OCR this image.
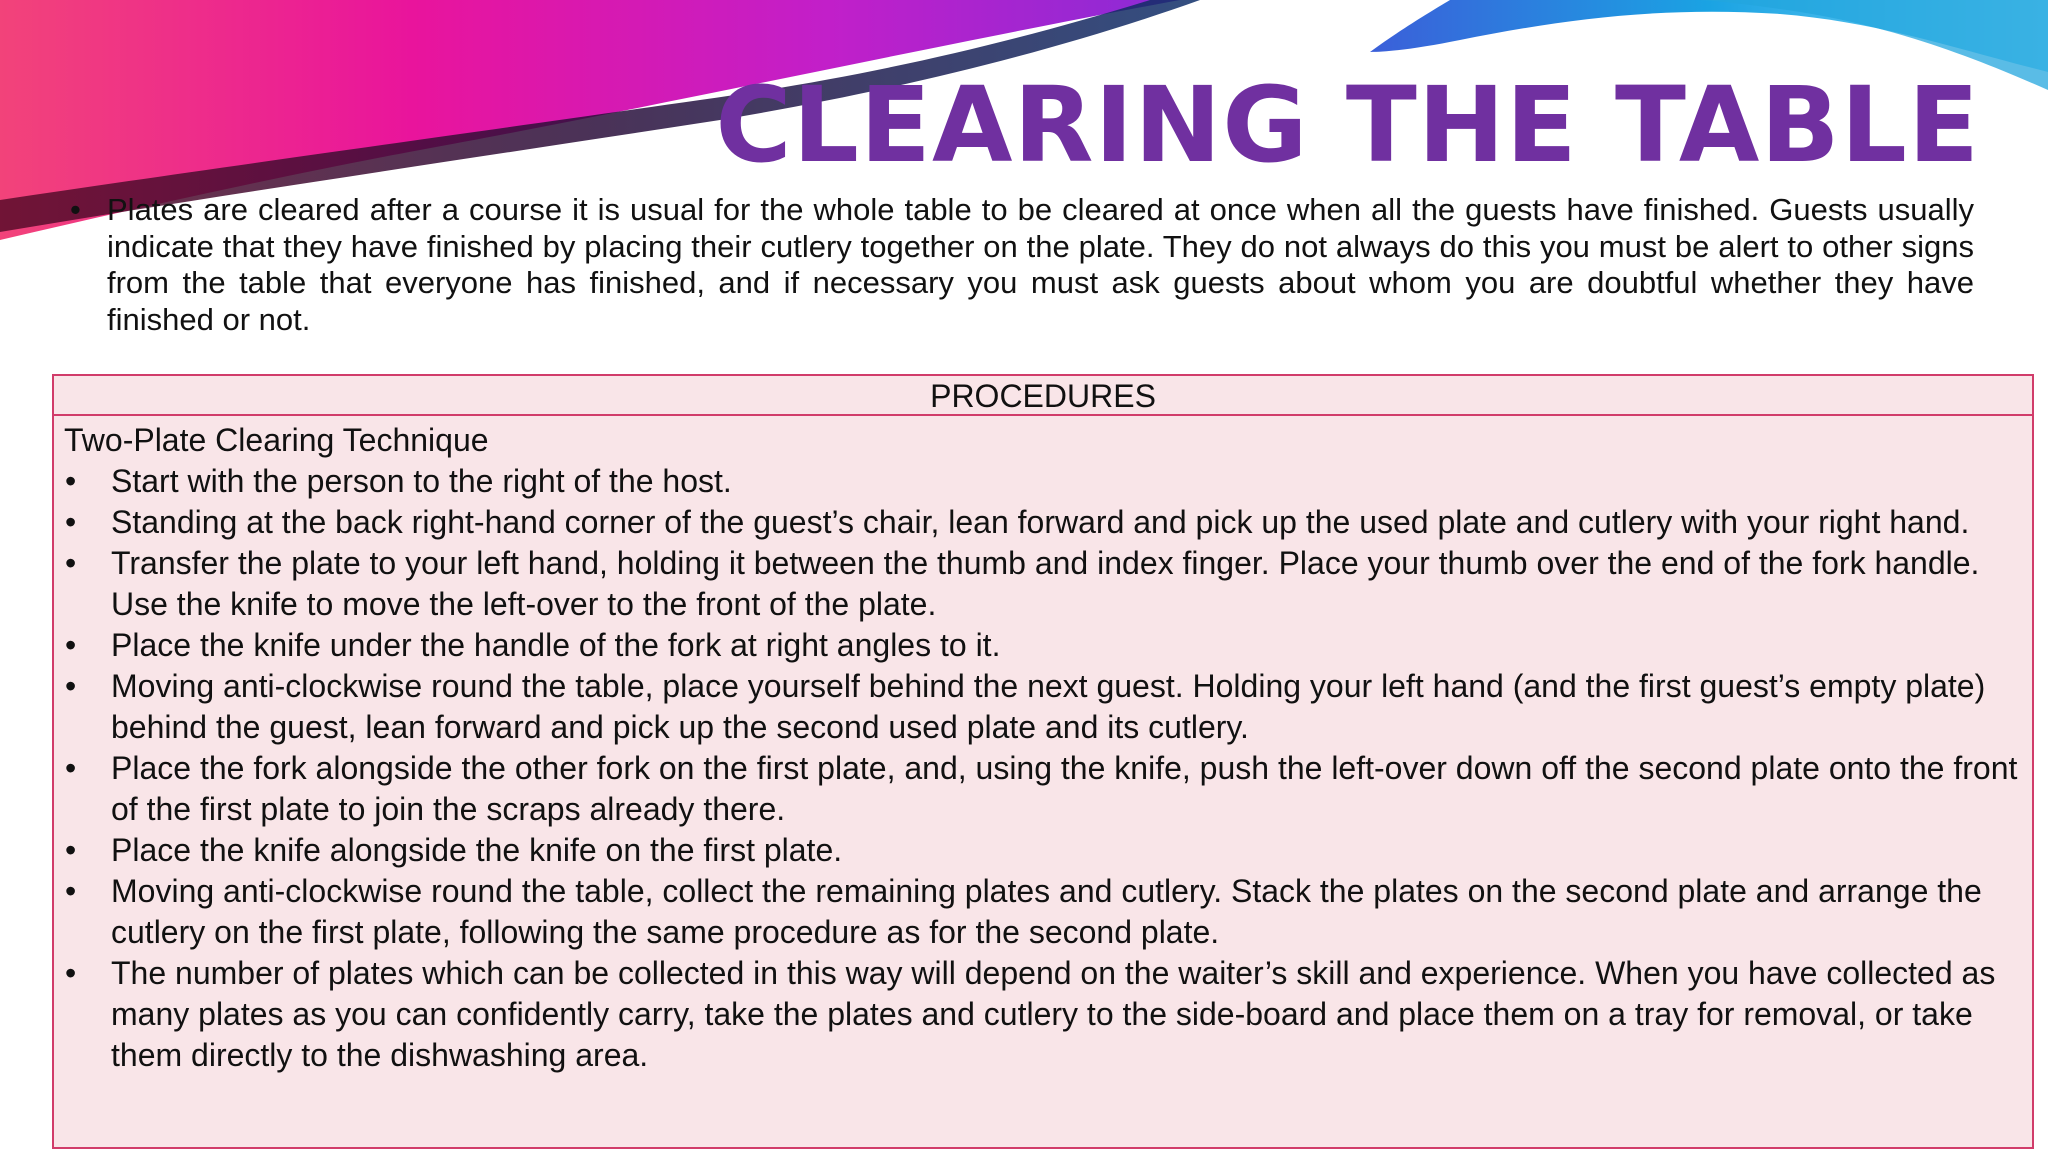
CLEARING THE TABLE
• Plates are cleared after a course it is usual for the whole table to be cleared at once when all the guests have finished. Guests usually indicate that they have finished by placing their cutlery together on the plate. They do not always do this you must be alert to other signs from the table that everyone has finished, and if necessary you must ask guests about whom you are doubtful whether they have finished or not.
PROCEDURES

Two-Plate Clearing Technique

• Start with the person to the right of the host.
• Standing at the back right-hand corner of the guest’s chair, lean forward and pick up the used plate and cutlery with your right hand.
• Transfer the plate to your left hand, holding it between the thumb and index finger. Place your thumb over the end of the fork handle. Use the knife to move the left-over to the front of the plate.
• Place the knife under the handle of the fork at right angles to it.
• Moving anti-clockwise round the table, place yourself behind the next guest. Holding your left hand (and the first guest’s empty plate) behind the guest, lean forward and pick up the second used plate and its cutlery.
• Place the fork alongside the other fork on the first plate, and, using the knife, push the left-over down off the second plate onto the front of the first plate to join the scraps already there.
• Place the knife alongside the knife on the first plate.
• Moving anti-clockwise round the table, collect the remaining plates and cutlery. Stack the plates on the second plate and arrange the cutlery on the first plate, following the same procedure as for the second plate.
• The number of plates which can be collected in this way will depend on the waiter’s skill and experience. When you have collected as many plates as you can confidently carry, take the plates and cutlery to the side-board and place them on a tray for removal, or take them directly to the dishwashing area.
